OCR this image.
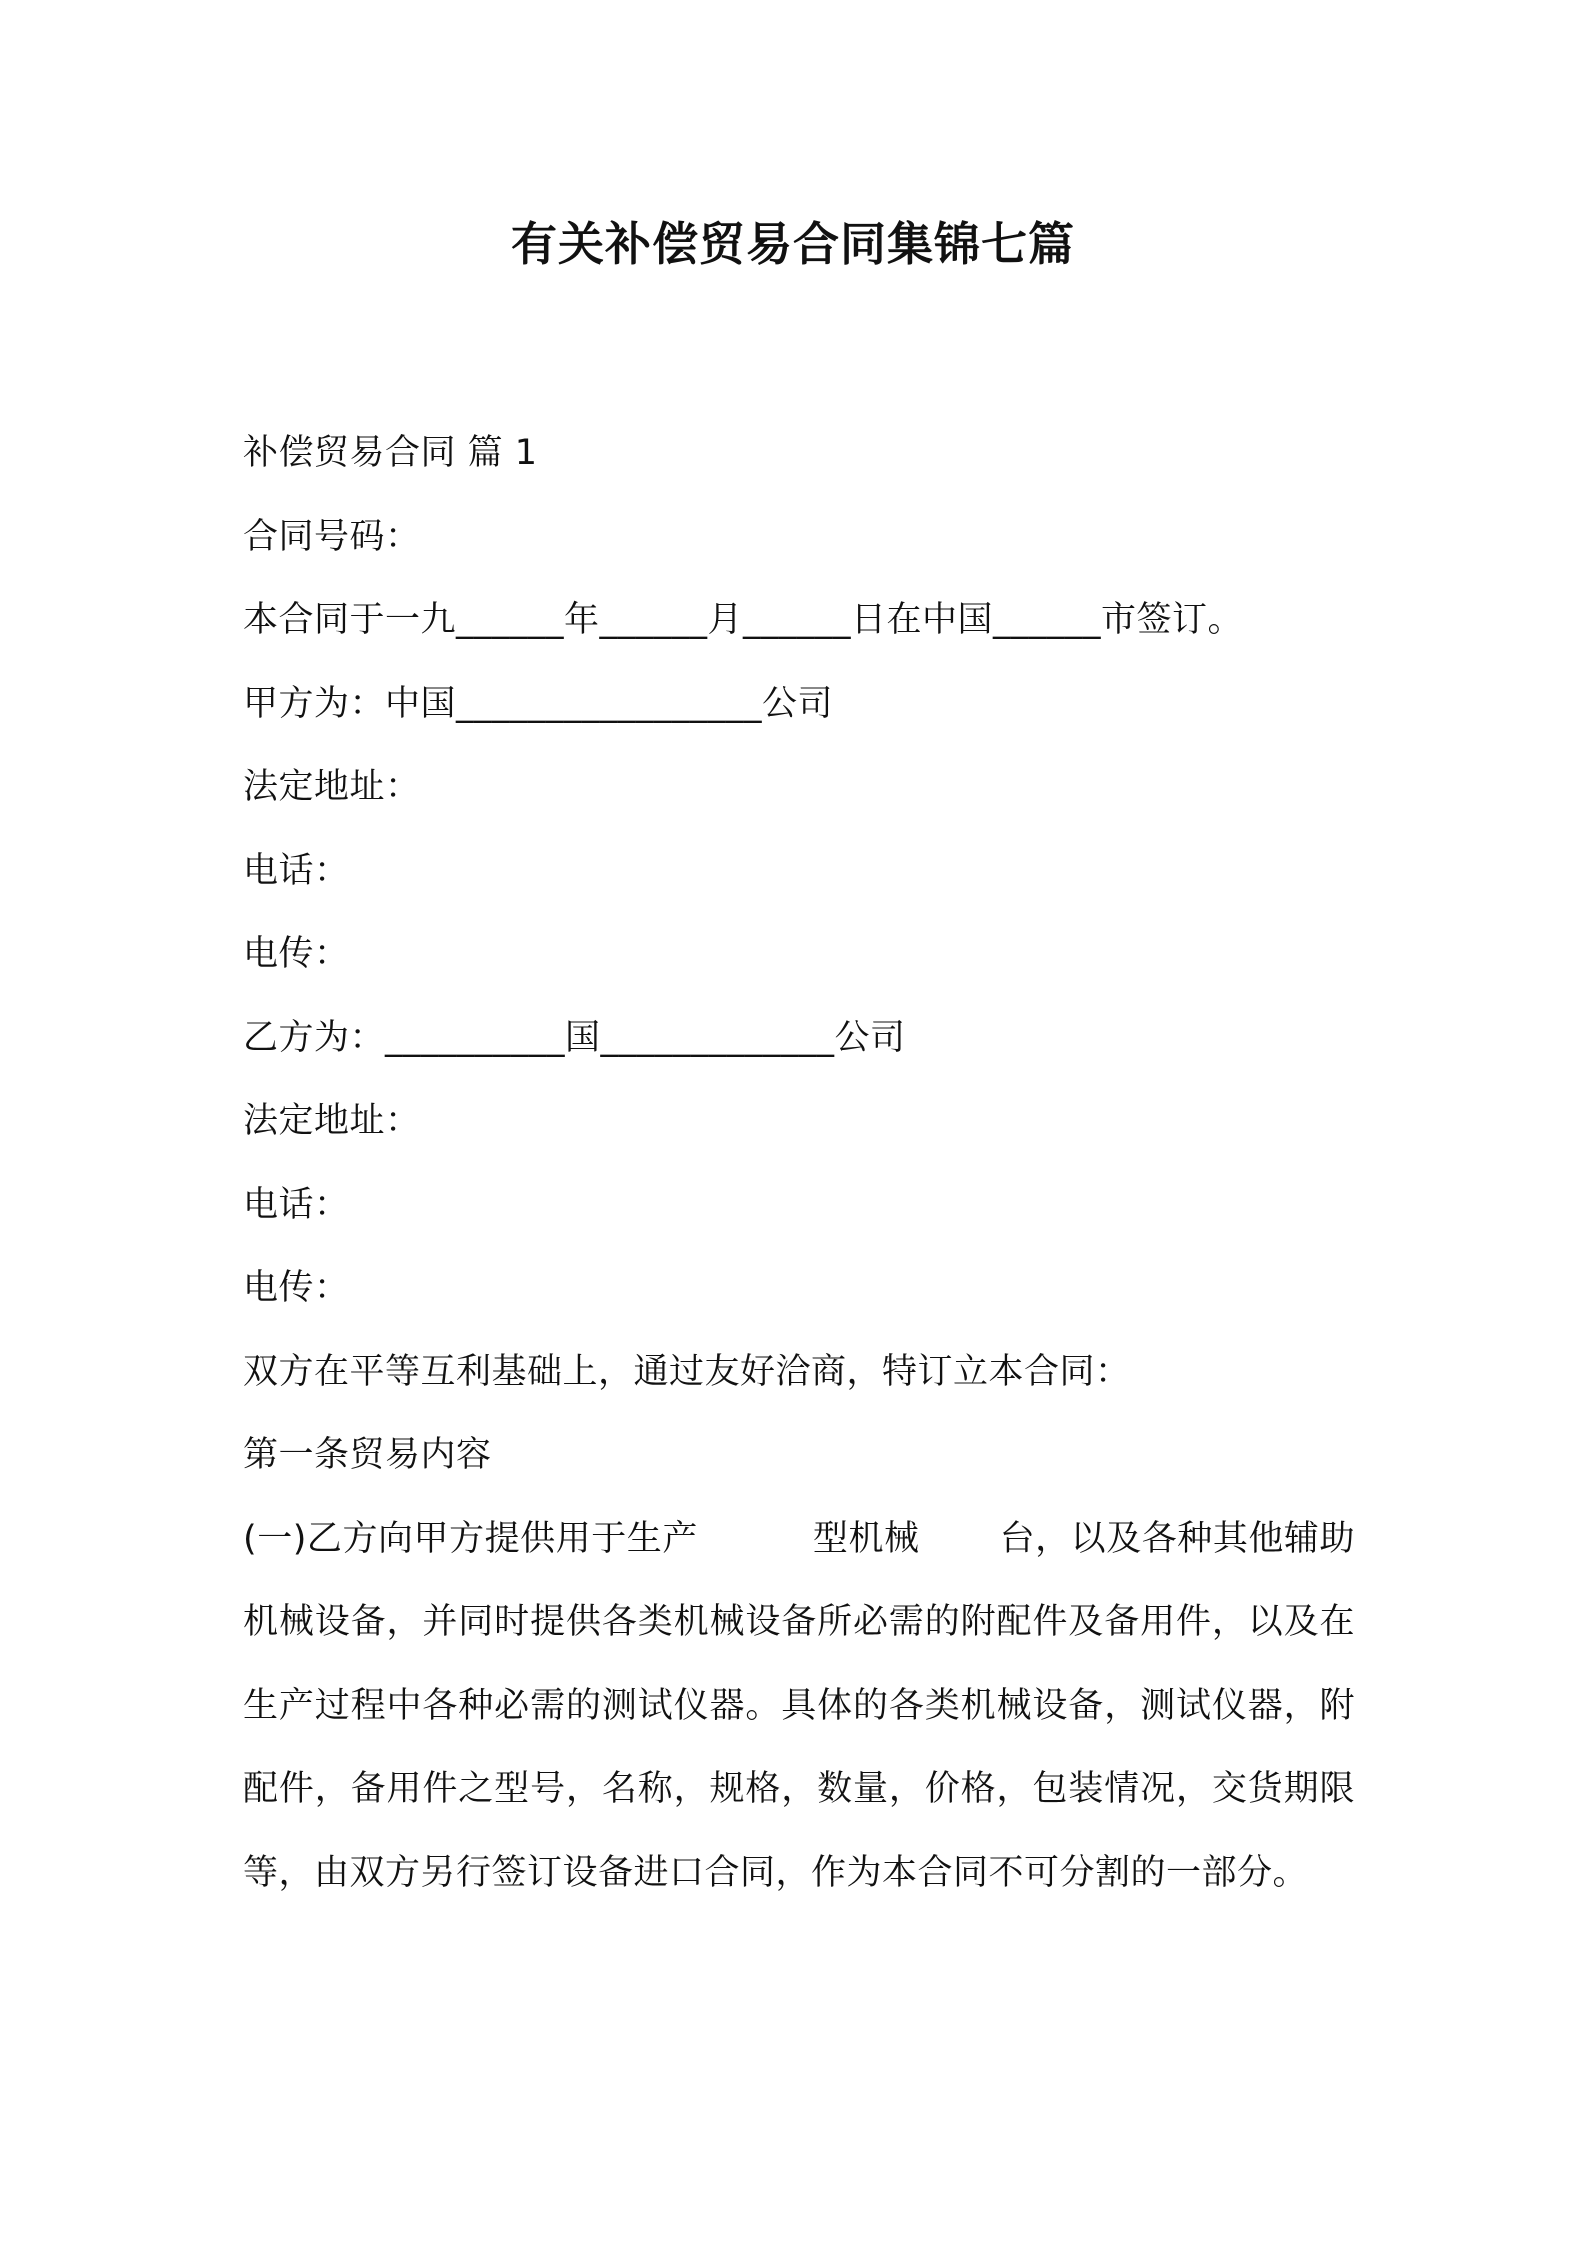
有关补偿贸易合同集锦七篇
补偿贸易合同 篇 1
合同号码：
本合同于一九______年______月______日在中国______市签订。
甲方为：中国_________________公司
法定地址：
电话：
电传：
乙方为：__________国_____________公司
法定地址：
电话：
电传：
双方在平等互利基础上，通过友好洽商，特订立本合同：
第一条贸易内容
(一)乙方向甲方提供用于生产	型机械 台，以及各种其他辅助机械设备，并同时提供各类机械设备所必需的附配件及备用件，以及在生产过程中各种必需的测试仪器。具体的各类机械设备，测试仪器，附配件，备用件之型号，名称，规格，数量，价格，包装情况，交货期限等，由双方另行签订设备进口合同，作为本合同不可分割的一部分。
